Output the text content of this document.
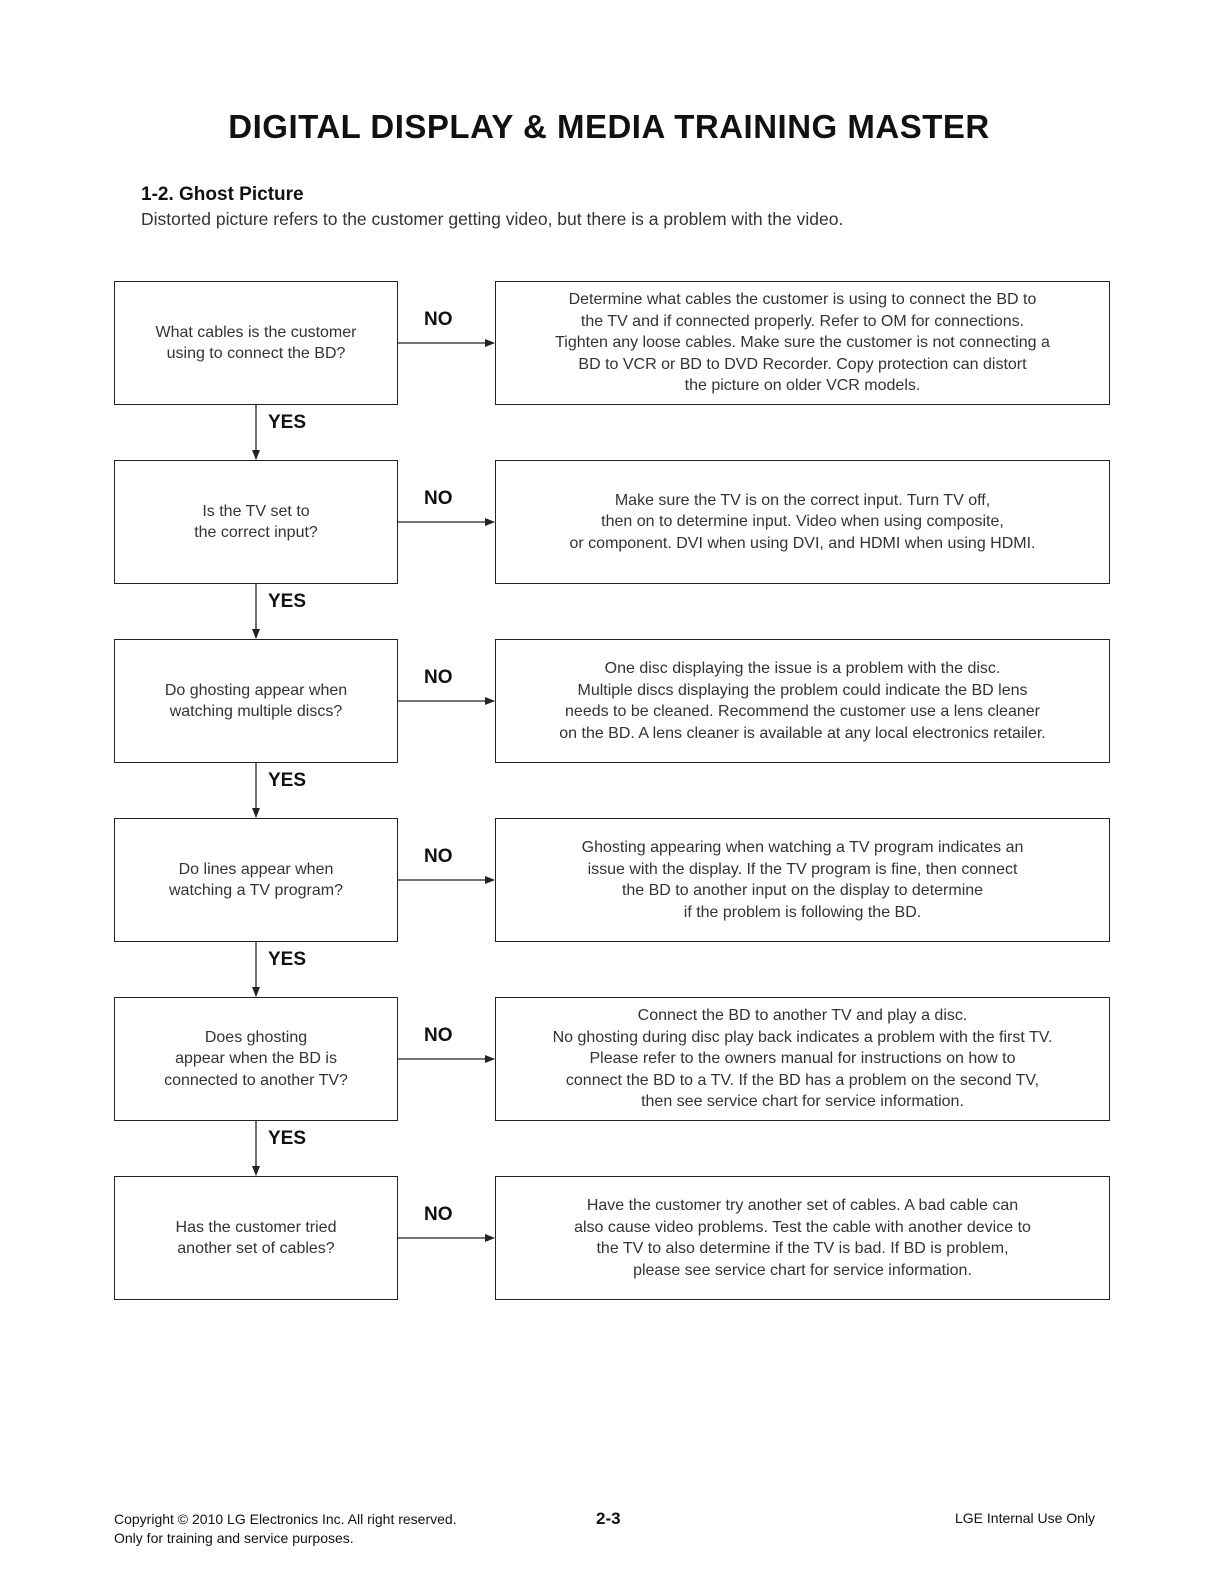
DIGITAL DISPLAY & MEDIA TRAINING MASTER
1-2. Ghost Picture
Distorted picture refers to the customer getting video, but there is a problem with the video.
What cables is the customer
using to connect the BD?
Determine what cables the customer is using to connect the BD to
the TV and if connected properly. Refer to OM for connections.
Tighten any loose cables. Make sure the customer is not connecting a
BD to VCR or BD to DVD Recorder. Copy protection can distort
the picture on older VCR models.
NO
YES
Is the TV set to
the correct input?
Make sure the TV is on the correct input. Turn TV off,
then on to determine input. Video when using composite,
or component. DVI when using DVI, and HDMI when using HDMI.
NO
YES
Do ghosting appear when
watching multiple discs?
One disc displaying the issue is a problem with the disc.
Multiple discs displaying the problem could indicate the BD lens
needs to be cleaned. Recommend the customer use a lens cleaner
on the BD. A lens cleaner is available at any local electronics retailer.
NO
YES
Do lines appear when
watching a TV program?
Ghosting appearing when watching a TV program indicates an
issue with the display. If the TV program is fine, then connect
the BD to another input on the display to determine
if the problem is following the BD.
NO
YES
Does ghosting
appear when the BD is
connected to another TV?
Connect the BD to another TV and play a disc.
No ghosting during disc play back indicates a problem with the first TV.
Please refer to the owners manual for instructions on how to
connect the BD to a TV. If the BD has a problem on the second TV,
then see service chart for service information.
NO
YES
Has the customer tried
another set of cables?
Have the customer try another set of cables. A bad cable can
also cause video problems. Test the cable with another device to
the TV to also determine if the TV is bad. If BD is problem,
please see service chart for service information.
NO
Copyright © 2010 LG Electronics Inc. All right reserved.
Only for training and service purposes.
2-3	LGE Internal Use Only
